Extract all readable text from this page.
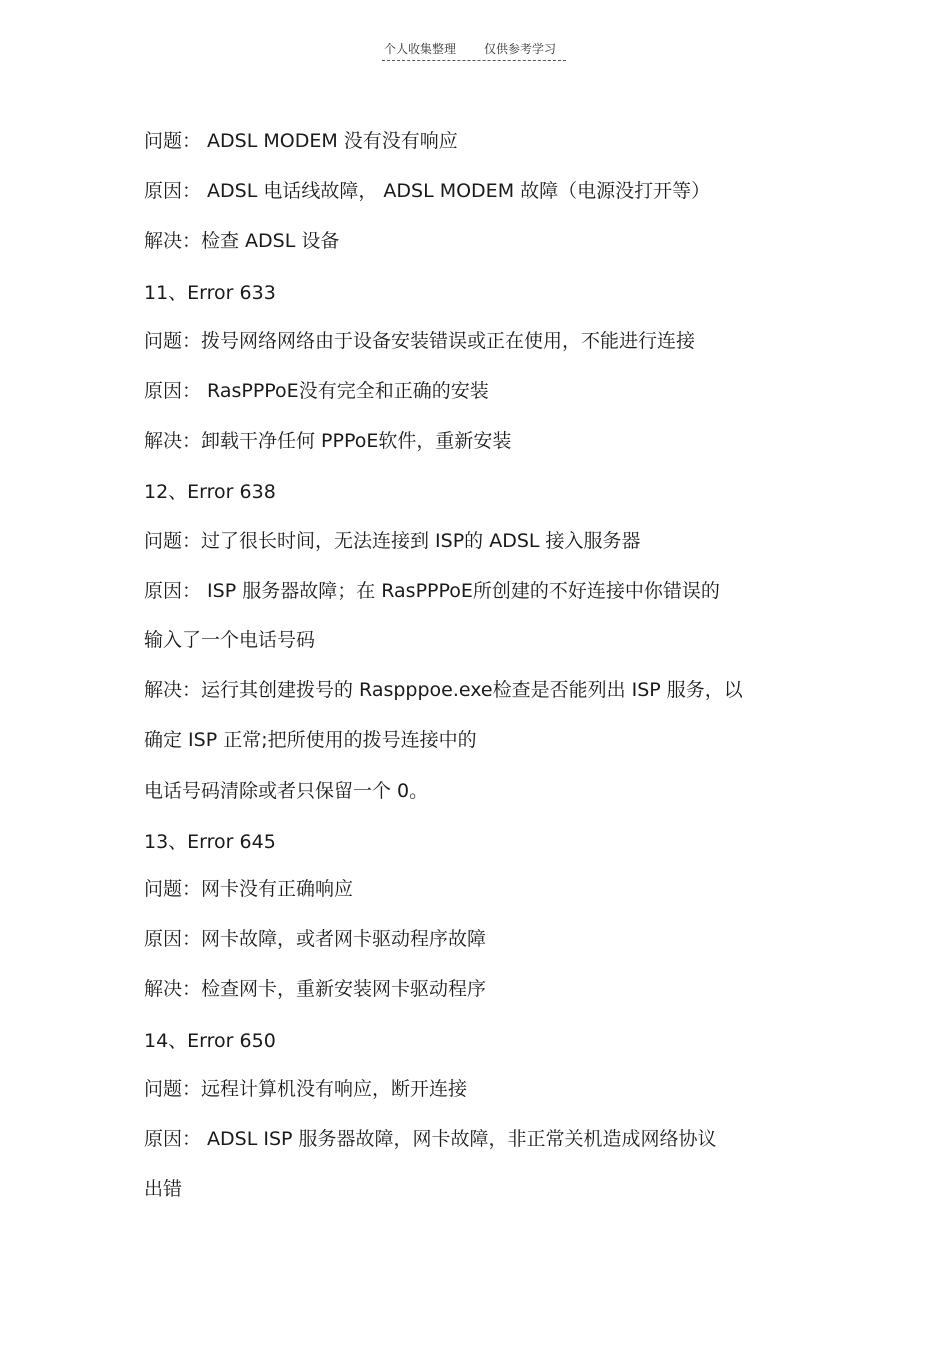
个人收集整理 仅供参考学习
问题： ADSL MODEM 没有没有响应
原因： ADSL 电话线故障， ADSL MODEM 故障（电源没打开等）
解决：检查 ADSL 设备
11、Error 633
问题：拨号网络网络由于设备安装错误或正在使用，不能进行连接
原因： RasPPPoE没有完全和正确的安装
解决：卸载干净任何 PPPoE软件，重新安装
12、Error 638
问题：过了很长时间，无法连接到 ISP的 ADSL 接入服务器
原因： ISP 服务器故障；在 RasPPPoE所创建的不好连接中你错误的
输入了一个电话号码
解决：运行其创建拨号的 Raspppoe.exe检查是否能列出 ISP 服务，以
确定 ISP 正常;把所使用的拨号连接中的
电话号码清除或者只保留一个 0。
13、Error 645
问题：网卡没有正确响应
原因：网卡故障，或者网卡驱动程序故障
解决：检查网卡，重新安装网卡驱动程序
14、Error 650
问题：远程计算机没有响应，断开连接
原因： ADSL ISP 服务器故障，网卡故障，非正常关机造成网络协议
出错
